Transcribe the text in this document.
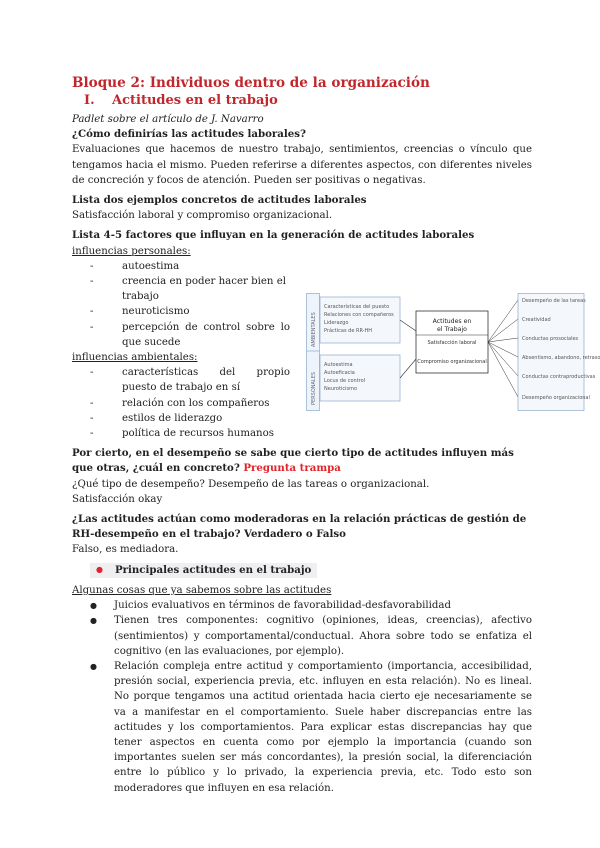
Bloque 2: Individuos dentro de la organización
I. Actitudes en el trabajo
Padlet sobre el artículo de J. Navarro
¿Cómo definirías las actitudes laborales?
Evaluaciones que hacemos de nuestro trabajo, sentimientos, creencias o vínculo que tengamos hacia el mismo. Pueden referirse a diferentes aspectos, con diferentes niveles de concreción y focos de atención. Pueden ser positivas o negativas.
Lista dos ejemplos concretos de actitudes laborales
Satisfacción laboral y compromiso organizacional.
Lista 4-5 factores que influyan en la generación de actitudes laborales
influencias personales:
- autoestima
- creencia en poder hacer bien el trabajo
- neuroticismo
- percepción de control sobre lo que sucede
influencias ambientales:
- características del propio puesto de trabajo en sí
- relación con los compañeros
- estilos de liderazgo
- política de recursos humanos
Por cierto, en el desempeño se sabe que cierto tipo de actitudes influyen más que otras, ¿cuál en concreto? Pregunta trampa
¿Qué tipo de desempeño? Desempeño de las tareas o organizacional.
Satisfacción okay
¿Las actitudes actúan como moderadoras en la relación prácticas de gestión de RH-desempeño en el trabajo? Verdadero o Falso
Falso, es mediadora.
● Principales actitudes en el trabajo
Algunas cosas que ya sabemos sobre las actitudes
● Juicios evaluativos en términos de favorabilidad-desfavorabilidad
● Tienen tres componentes: cognitivo (opiniones, ideas, creencias), afectivo (sentimientos) y comportamental/conductual. Ahora sobre todo se enfatiza el cognitivo (en las evaluaciones, por ejemplo).
● Relación compleja entre actitud y comportamiento (importancia, accesibilidad, presión social, experiencia previa, etc. influyen en esta relación). No es lineal. No porque tengamos una actitud orientada hacia cierto eje necesariamente se va a manifestar en el comportamiento. Suele haber discrepancias entre las actitudes y los comportamientos. Para explicar estas discrepancias hay que tener aspectos en cuenta como por ejemplo la importancia (cuando son importantes suelen ser más concordantes), la presión social, la diferenciación entre lo público y lo privado, la experiencia previa, etc. Todo esto son moderadores que influyen en esa relación.
AMBIENTALES
PERSONALES
Características del puesto
Relaciones con compañeros
Liderazgo
Prácticas de RR-HH
Autoestima
Autoeficacia
Locus de control
Neuroticismo
Actitudes en
el Trabajo
Satisfacción laboral
Compromiso organizacional
Desempeño de las tareas
Creatividad
Conductas prosociales
Absentismo, abandono, retraso
Conductas contraproductivas
Desempeño organizacional
